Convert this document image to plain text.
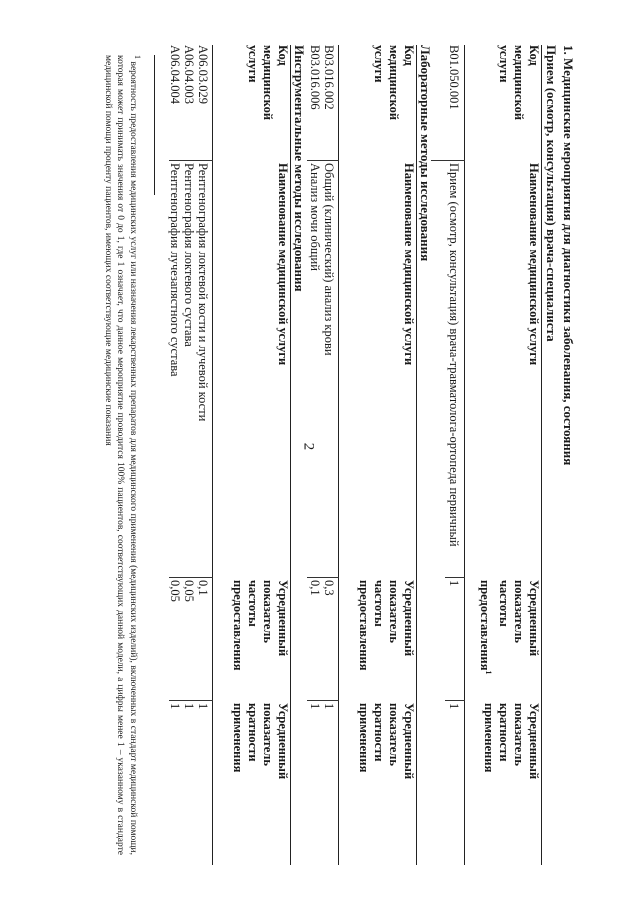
2	1. Медицинские мероприятия для диагностики заболевания, состояния
Прием (осмотр, консультация) врача-специалиста
Код медицинской услуги
Наименование медицинской услуги
Усредненный показатель частоты предоставления$^1$
Усредненный показатель кратности применения
B01.050.001
Прием (осмотр, консультация) врача-травматолога-ортопеда первичный
1
1
Лабораторные методы исследования
Код медицинской услуги
Наименование медицинской услуги
Усредненный показатель частоты предоставления
Усредненный показатель кратности применения
B03.016.002
Общий (клинический) анализ крови
0,3
1
B03.016.006
Анализ мочи общий
0,1
1
Инструментальные методы исследования
Код медицинской услуги
Наименование медицинской услуги
Усредненный показатель частоты предоставления
Усредненный показатель кратности применения
A06.03.029
Рентгенография локтевой кости и лучевой кости
0,1
1
A06.04.003
Рентгенография локтевого сустава
0,05
1
A06.04.004
Рентгенография лучезапястного сустава
0,05
1
$^1$ вероятность предоставления медицинских услуг или назначения лекарственных препаратов для медицинского применения (медицинских изделий), включенных в стандарт медицинской помощи, которая может принимать значения от 0 до 1, где 1 означает, что данное мероприятие проводится 100% пациентов, соответствующих данной модели, а цифры менее 1 – указанному в стандарте медицинской помощи проценту пациентов, имеющих соответствующие медицинские показания
